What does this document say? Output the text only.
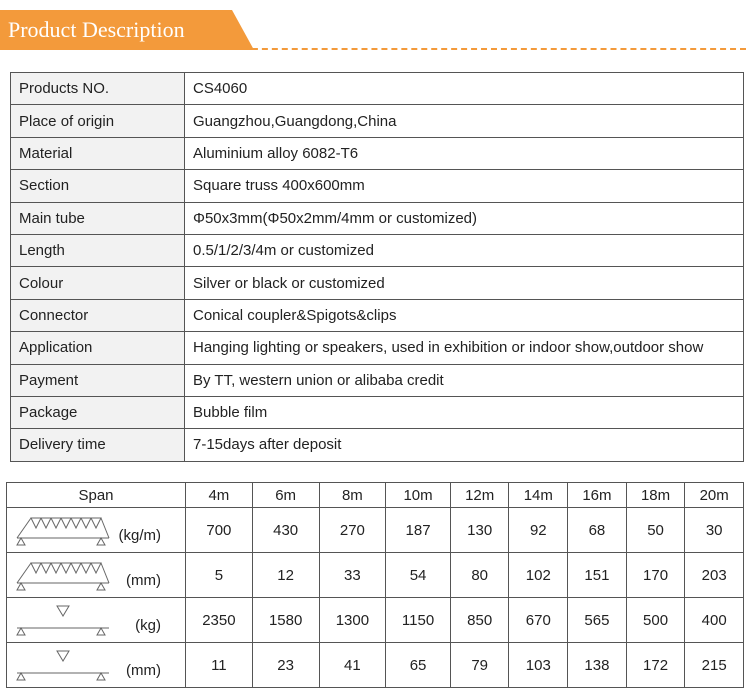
Product Description
Products NO.	CS4060
Place of origin	Guangzhou,Guangdong,China
Material	Aluminium alloy 6082-T6
Section	Square truss 400x600mm
Main tube	Φ50x3mm(Φ50x2mm/4mm or customized)
Length	0.5/1/2/3/4m or customized
Colour	Silver or black or customized
Connector	Conical coupler&Spigots&clips
Application	Hanging lighting or speakers, used in exhibition or indoor show,outdoor show
Payment	By TT, western union or alibaba credit
Package	Bubble film
Delivery time	7-15days after deposit
Span	4m	6m	8m	10m	12m	14m	16m	18m	20m

(kg/m)	700	430	270	187	130	92	68	50	30

(mm)	5	12	33	54	80	102	151	170	203

(kg)	2350	1580	1300	1150	850	670	565	500	400

(mm)	11	23	41	65	79	103	138	172	215
